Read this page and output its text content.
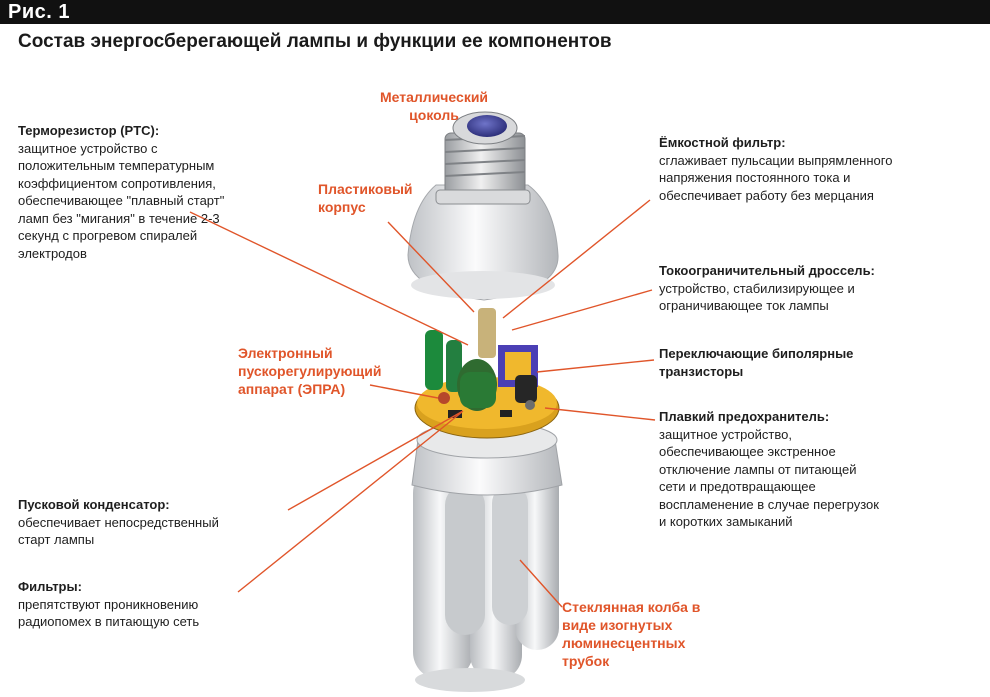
Рис. 1
Состав энергосберегающей лампы и функции ее компонентов
Металлический
цоколь
Пластиковый
корпус
Электронный
пускорегулирующий
аппарат (ЭПРА)
Стеклянная колба в
виде изогнутых
люминесцентных
трубок
Терморезистор (PTC):
защитное устройство с
положительным температурным
коэффициентом сопротивления,
обеспечивающее "плавный старт"
ламп без "мигания" в течение 2-3
секунд с прогревом спиралей
электродов
Пусковой конденсатор:
обеспечивает непосредственный
старт лампы
Фильтры:
препятствуют проникновению
радиопомех в питающую сеть
Ёмкостной фильтр:
сглаживает пульсации выпрямленного
напряжения постоянного тока и
обеспечивает работу без мерцания
Токоограничительный дроссель:
устройство, стабилизирующее и
ограничивающее ток лампы
Переключающие биполярные
транзисторы
Плавкий предохранитель:
защитное устройство,
обеспечивающее экстренное
отключение лампы от питающей
сети и предотвращающее
воспламенение в случае перегрузок
и коротких замыканий
